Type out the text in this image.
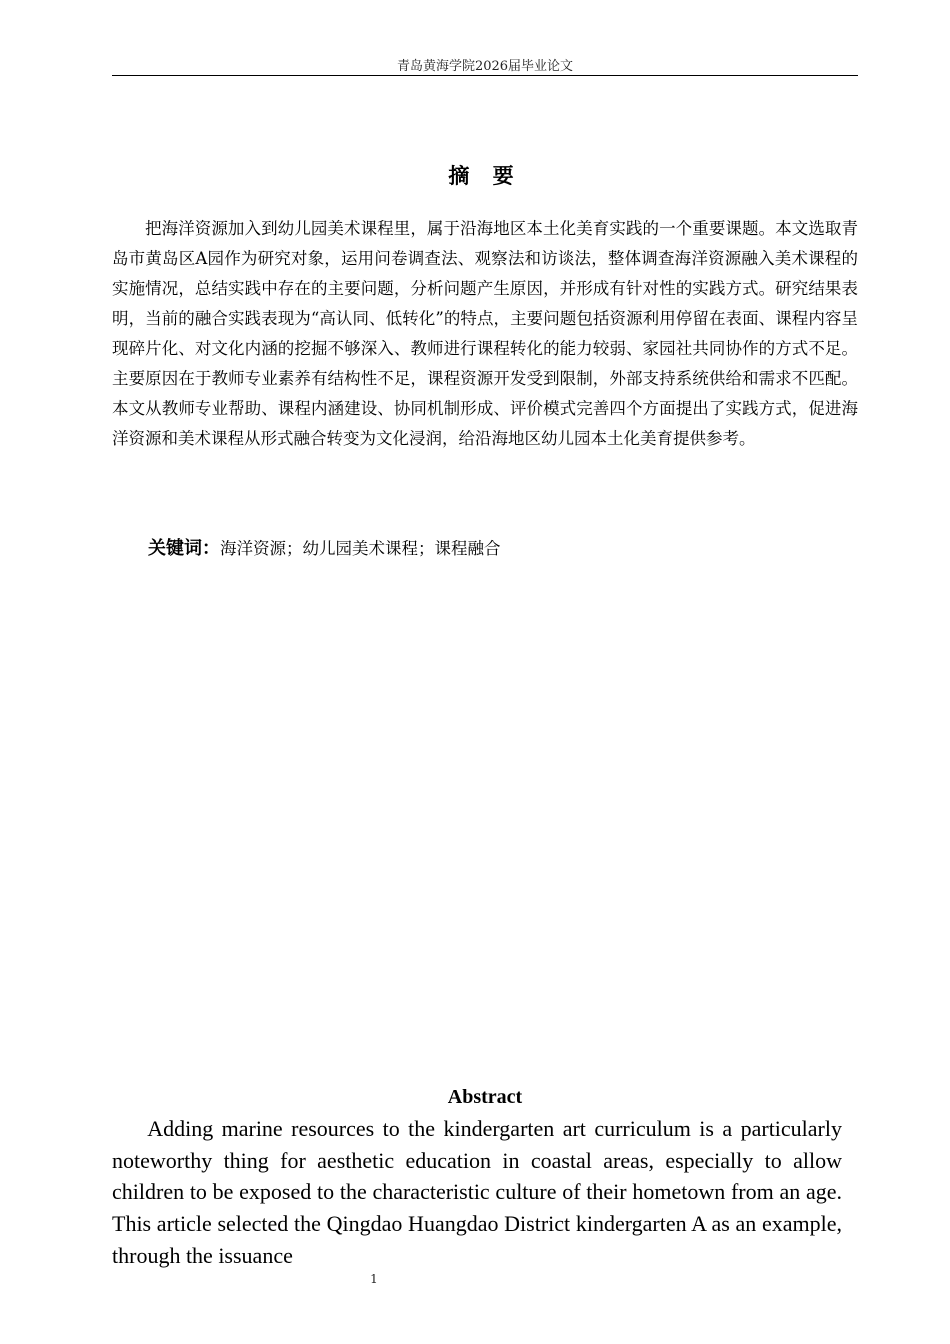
青岛黄海学院2026届毕业论文
摘 要

把海洋资源加入到幼儿园美术课程里，属于沿海地区本土化美育实践的一个重要课题。本文选取青岛市黄岛区A园作为研究对象，运用问卷调查法、观察法和访谈法，整体调查海洋资源融入美术课程的实施情况，总结实践中存在的主要问题，分析问题产生原因，并形成有针对性的实践方式。研究结果表明，当前的融合实践表现为“高认同、低转化”的特点，主要问题包括资源利用停留在表面、课程内容呈现碎片化、对文化内涵的挖掘不够深入、教师进行课程转化的能力较弱、家园社共同协作的方式不足。主要原因在于教师专业素养有结构性不足，课程资源开发受到限制，外部支持系统供给和需求不匹配。本文从教师专业帮助、课程内涵建设、协同机制形成、评价模式完善四个方面提出了实践方式，促进海洋资源和美术课程从形式融合转变为文化浸润，给沿海地区幼儿园本土化美育提供参考。

关键词：海洋资源；幼儿园美术课程；课程融合

Abstract

Adding marine resources to the kindergarten art curriculum is a particularly noteworthy thing for aesthetic education in coastal areas, especially to allow children to be exposed to the characteristic culture of their hometown from an age. This article selected the Qingdao Huangdao District kindergarten A as an example, through the issuance

1
